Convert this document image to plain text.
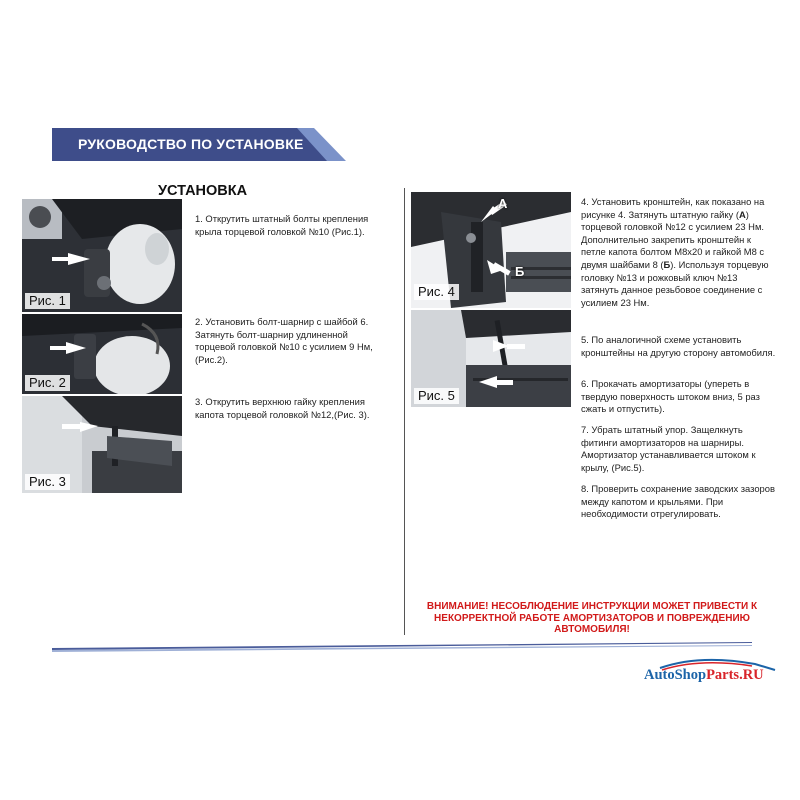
РУКОВОДСТВО ПО УСТАНОВКЕ
УСТАНОВКА
Рис. 1
Рис. 2
Рис. 3
А
Б
Рис. 4
Рис. 5
1. Открутить штатный болты крепления крыла торцевой головкой №10 (Рис.1).
2. Установить болт-шарнир с шайбой 6. Затянуть болт-шарнир удлиненной торцевой головкой №10 с усилием 9 Нм, (Рис.2).
3. Открутить верхнюю гайку крепления капота торцевой головкой №12,(Рис. 3).
4. Установить кронштейн, как показано на рисунке 4. Затянуть штатную гайку (А) торцевой головкой №12 с усилием 23 Нм. Дополнительно закрепить кронштейн к петле капота болтом М8х20 и гайкой М8 с двумя шайбами 8 (Б). Используя торцевую головку №13 и рожковый ключ №13 затянуть данное резьбовое соединение с усилием 23 Нм.
5. По аналогичной схеме установить кронштейны на другую сторону автомобиля.
6. Прокачать амортизаторы (упереть в твердую поверхность штоком вниз, 5 раз сжать и отпустить).
7. Убрать штатный упор. Защелкнуть фитинги амортизаторов на шарниры. Амортизатор устанавливается штоком к крылу, (Рис.5).
8. Проверить сохранение заводских зазоров между капотом и крыльями. При необходимости отрегулировать.
ВНИМАНИЕ! НЕСОБЛЮДЕНИЕ ИНСТРУКЦИИ МОЖЕТ ПРИВЕСТИ К
НЕКОРРЕКТНОЙ РАБОТЕ АМОРТИЗАТОРОВ И ПОВРЕЖДЕНИЮ
АВТОМОБИЛЯ!
AutoShopParts.RU
